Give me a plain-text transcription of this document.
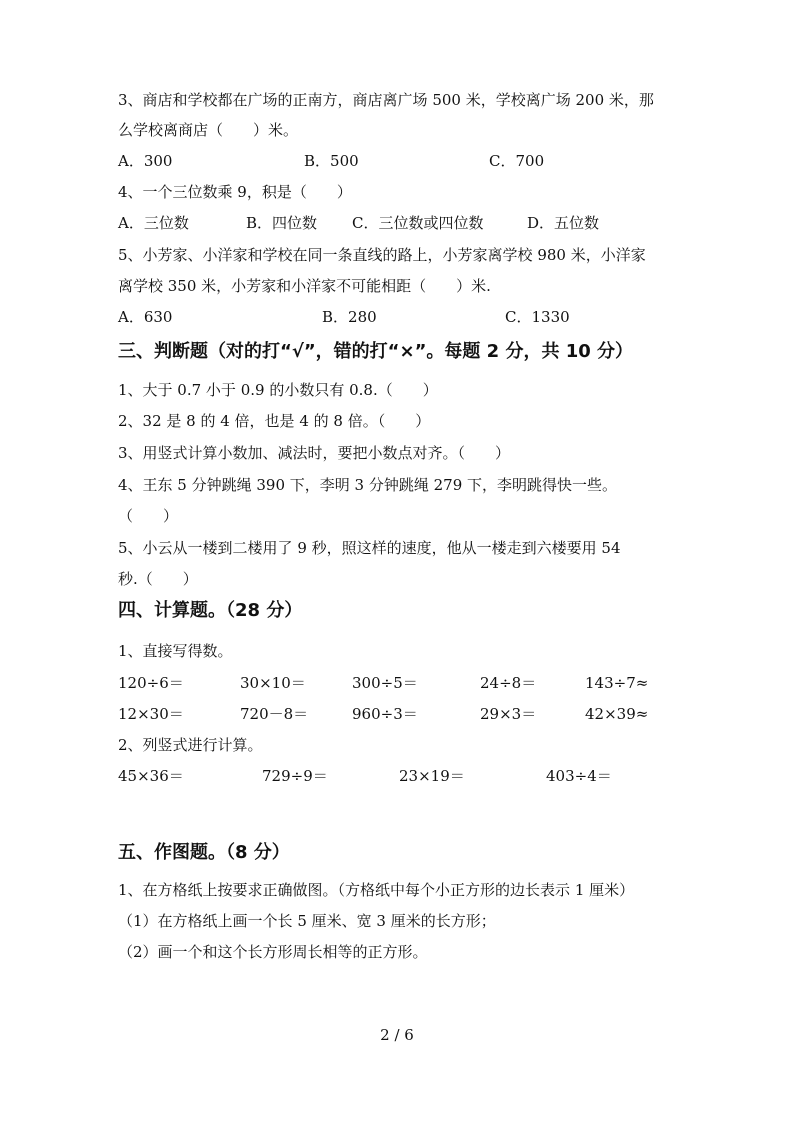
3、商店和学校都在广场的正南方，商店离广场 500 米，学校离广场 200 米，那
么学校离商店（　　）米。
A．300	B．500	C．700
4、一个三位数乘 9，积是（　　）
A．三位数	B．四位数 C．三位数或四位数	D．五位数
5、小芳家、小洋家和学校在同一条直线的路上，小芳家离学校 980 米，小洋家
离学校 350 米，小芳家和小洋家不可能相距（　　）米.
A．630	B．280	C．1330
三、判断题（对的打“√”，错的打“×”。每题 2 分，共 10 分）
1、大于 0.7 小于 0.9 的小数只有 0.8.（　　）
2、32 是 8 的 4 倍，也是 4 的 8 倍。（　　）
3、用竖式计算小数加、减法时，要把小数点对齐。（　　）
4、王东 5 分钟跳绳 390 下，李明 3 分钟跳绳 279 下，李明跳得快一些。
（　　）
5、小云从一楼到二楼用了 9 秒，照这样的速度，他从一楼走到六楼要用 54
秒.（　　）
四、计算题。（28 分）
1、直接写得数。
120÷6＝	30×10＝	300÷5＝	24÷8＝	143÷7≈
12×30＝	720－8＝	960÷3＝	29×3＝	42×39≈
2、列竖式进行计算。
45×36＝	729÷9＝	23×19＝	403÷4＝
五、作图题。（8 分）
1、在方格纸上按要求正确做图。（方格纸中每个小正方形的边长表示 1 厘米）
（1）在方格纸上画一个长 5 厘米、宽 3 厘米的长方形；
（2）画一个和这个长方形周长相等的正方形。
2 / 6
